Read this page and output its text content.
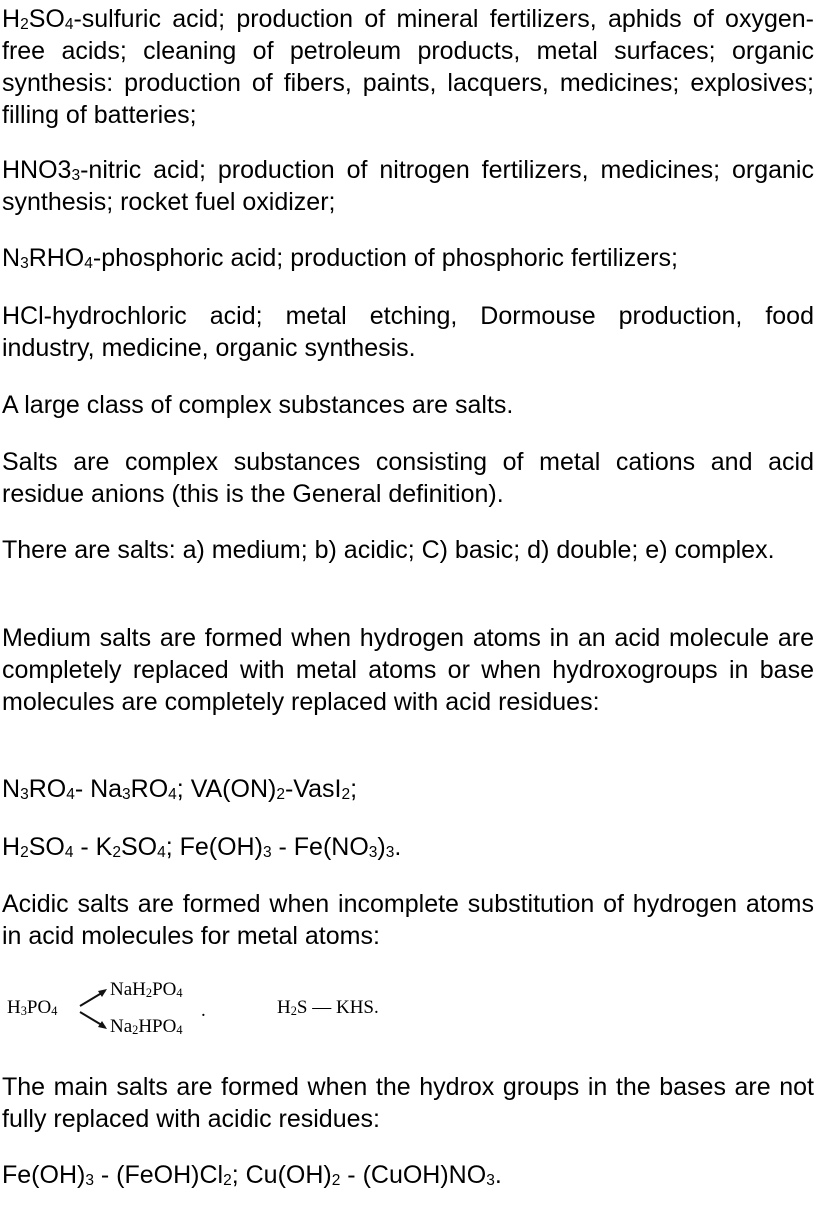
$H_2SO_4$-sulfuric acid; production of mineral fertilizers, aphids of oxygen-free acids; cleaning of petroleum products, metal surfaces; organic synthesis: production of fibers, paints, lacquers, medicines; explosives; filling of batteries;

$HNO3_3$-nitric acid; production of nitrogen fertilizers, medicines; organic synthesis; rocket fuel oxidizer;

$N_3RHO_4$-phosphoric acid; production of phosphoric fertilizers;

HCl-hydrochloric acid; metal etching, Dormouse production, food industry, medicine, organic synthesis.

A large class of complex substances are salts.

Salts are complex substances consisting of metal cations and acid residue anions (this is the General definition).

There are salts: a) medium; b) acidic; C) basic; d) double; e) complex.

Medium salts are formed when hydrogen atoms in an acid molecule are completely replaced with metal atoms or when hydroxogroups in base molecules are completely replaced with acid residues:

$N_3RO_4-$ $Na_3RO_4$; $VA(ON)_2-VasI_2$;

$H_2SO_4 - K_2SO_4$; $Fe(OH)_3 - Fe(NO_3)_3$.

Acidic salts are formed when incomplete substitution of hydrogen atoms in acid molecules for metal atoms:

$H_3PO_4$
$NaH_2PO_4$
$Na_2HPO_4$
.	$H_2S$ — KHS.

The main salts are formed when the hydrox groups in the bases are not fully replaced with acidic residues:

$Fe(OH)_3$ - $(FeOH)Cl_2$; $Cu(OH)_2$ - $(CuOH)NO_3$.
